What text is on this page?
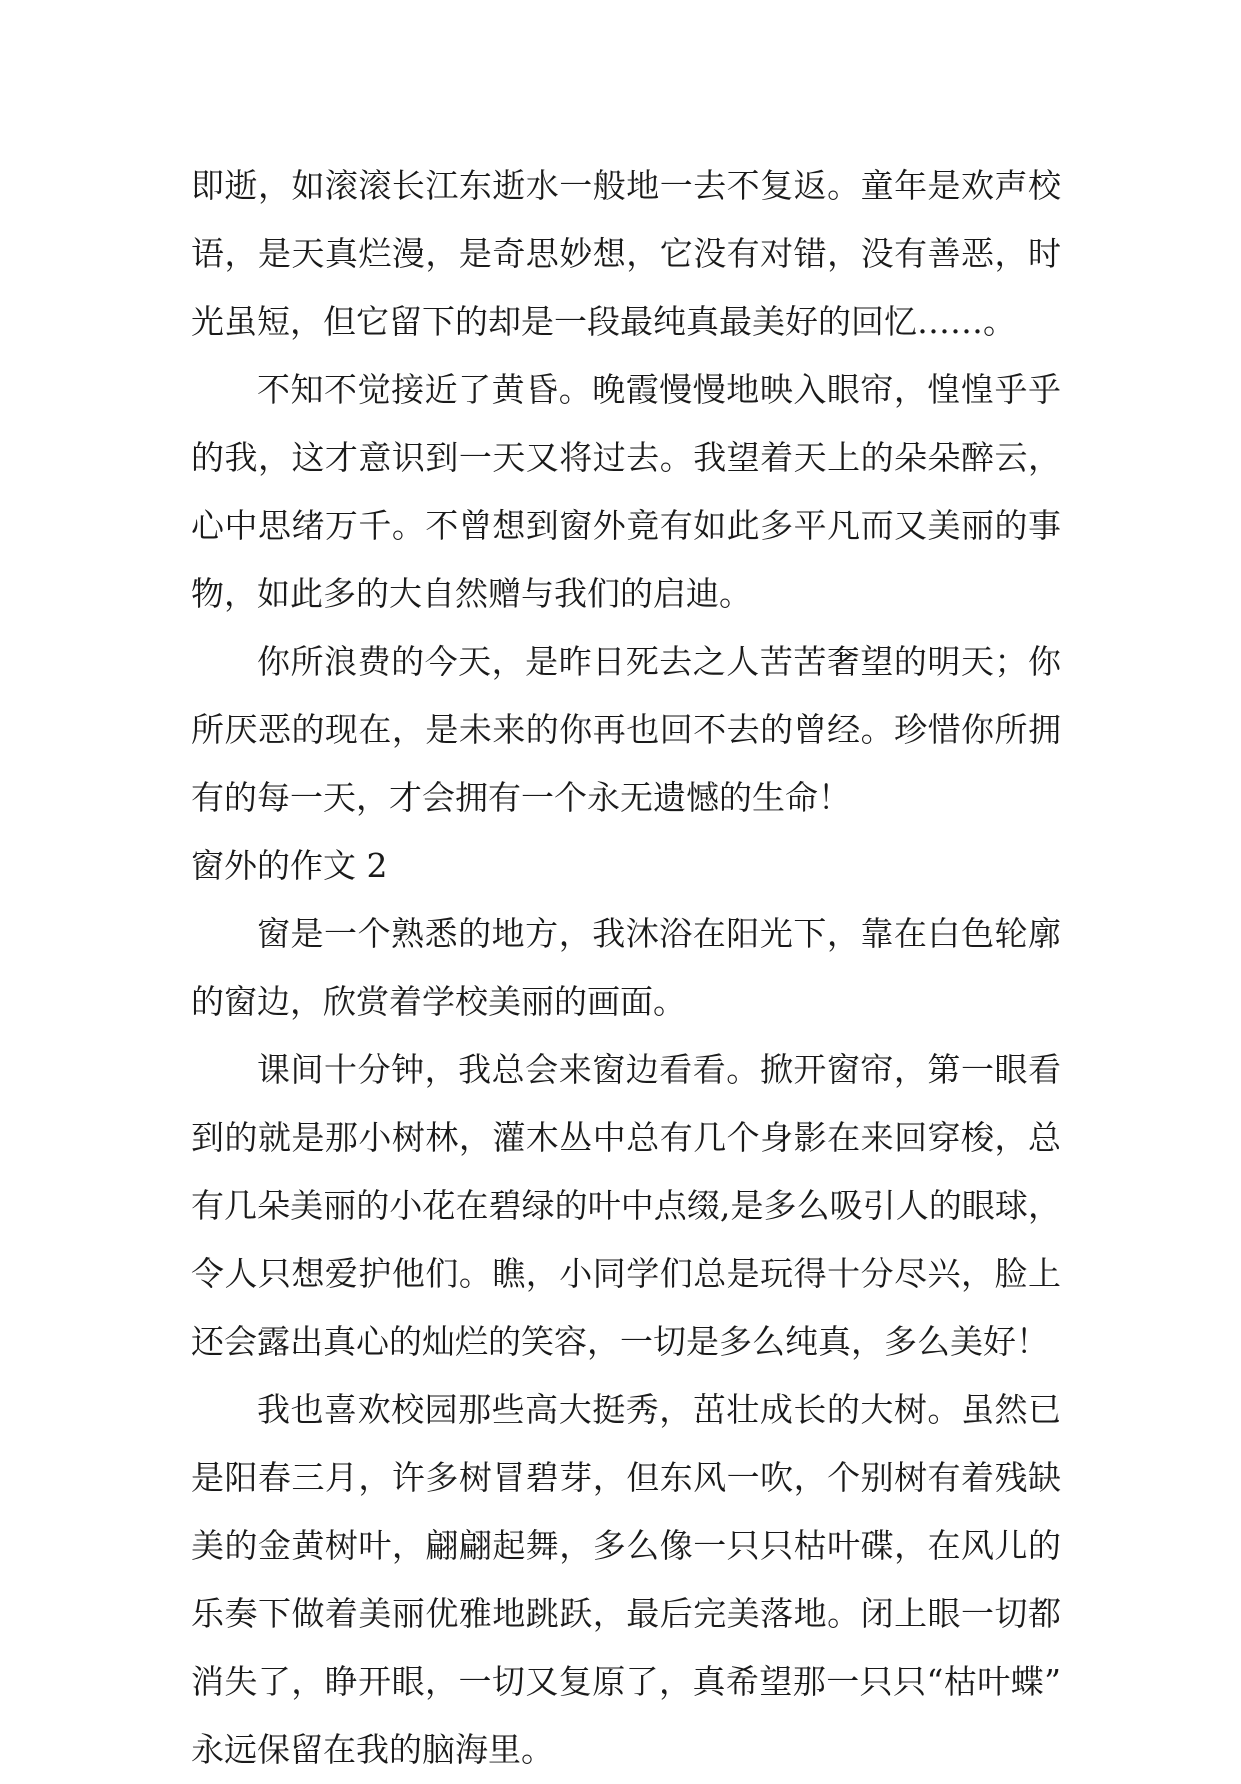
即逝，如滚滚长江东逝水一般地一去不复返。童年是欢声校
语，是天真烂漫，是奇思妙想，它没有对错，没有善恶，时
光虽短，但它留下的却是一段最纯真最美好的回忆……。
不知不觉接近了黄昏。晚霞慢慢地映入眼帘，惶惶乎乎
的我，这才意识到一天又将过去。我望着天上的朵朵醉云，
心中思绪万千。不曾想到窗外竟有如此多平凡而又美丽的事
物，如此多的大自然赠与我们的启迪。
你所浪费的今天，是昨日死去之人苦苦奢望的明天；你
所厌恶的现在，是未来的你再也回不去的曾经。珍惜你所拥
有的每一天，才会拥有一个永无遗憾的生命！
窗外的作文 2
窗是一个熟悉的地方，我沐浴在阳光下，靠在白色轮廓
的窗边，欣赏着学校美丽的画面。
课间十分钟，我总会来窗边看看。掀开窗帘，第一眼看
到的就是那小树林，灌木丛中总有几个身影在来回穿梭，总
有几朵美丽的小花在碧绿的叶中点缀,是多么吸引人的眼球，
令人只想爱护他们。瞧，小同学们总是玩得十分尽兴，脸上
还会露出真心的灿烂的笑容，一切是多么纯真，多么美好！
我也喜欢校园那些高大挺秀，茁壮成长的大树。虽然已
是阳春三月，许多树冒碧芽，但东风一吹，个别树有着残缺
美的金黄树叶，翩翩起舞，多么像一只只枯叶碟，在风儿的
乐奏下做着美丽优雅地跳跃，最后完美落地。闭上眼一切都
消失了，睁开眼，一切又复原了，真希望那一只只“枯叶蝶”
永远保留在我的脑海里。
